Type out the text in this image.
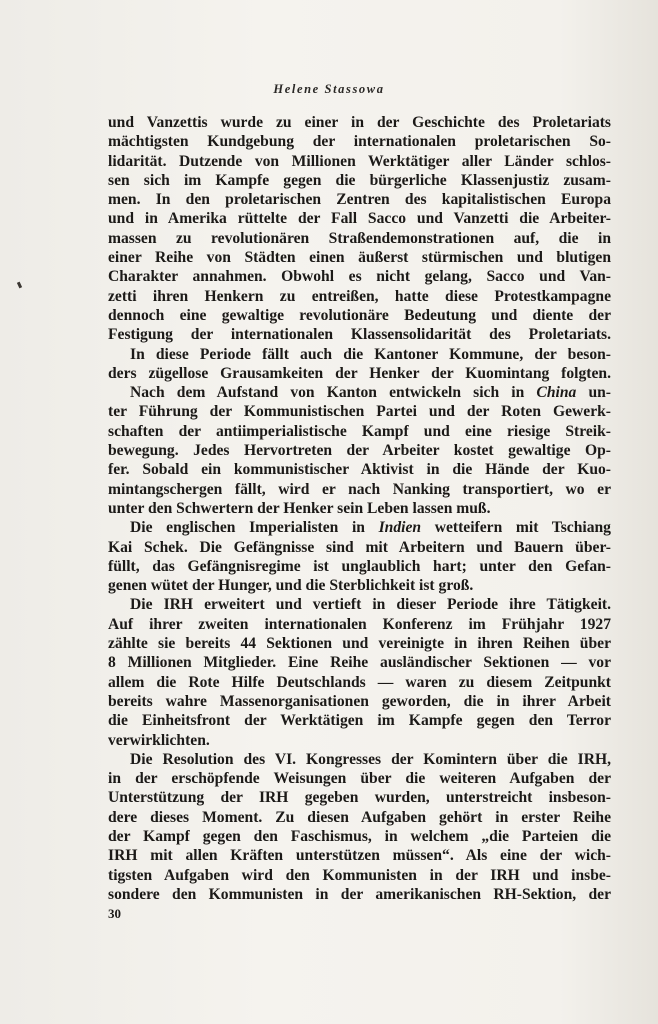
Helene Stassowa
und Vanzettis wurde zu einer in der Geschichte des Proletariats
mächtigsten Kundgebung der internationalen proletarischen So-
lidarität. Dutzende von Millionen Werktätiger aller Länder schlos-
sen sich im Kampfe gegen die bürgerliche Klassenjustiz zusam-
men. In den proletarischen Zentren des kapitalistischen Europa
und in Amerika rüttelte der Fall Sacco und Vanzetti die Arbeiter-
massen zu revolutionären Straßendemonstrationen auf, die in
einer Reihe von Städten einen äußerst stürmischen und blutigen
Charakter annahmen. Obwohl es nicht gelang, Sacco und Van-
zetti ihren Henkern zu entreißen, hatte diese Protestkampagne
dennoch eine gewaltige revolutionäre Bedeutung und diente der
Festigung der internationalen Klassensolidarität des Proletariats.
In diese Periode fällt auch die Kantoner Kommune, der beson-
ders zügellose Grausamkeiten der Henker der Kuomintang folgten.
Nach dem Aufstand von Kanton entwickeln sich in China un-
ter Führung der Kommunistischen Partei und der Roten Gewerk-
schaften der antiimperialistische Kampf und eine riesige Streik-
bewegung. Jedes Hervortreten der Arbeiter kostet gewaltige Op-
fer. Sobald ein kommunistischer Aktivist in die Hände der Kuo-
mintangschergen fällt, wird er nach Nanking transportiert, wo er
unter den Schwertern der Henker sein Leben lassen muß.
Die englischen Imperialisten in Indien wetteifern mit Tschiang
Kai Schek. Die Gefängnisse sind mit Arbeitern und Bauern über-
füllt, das Gefängnisregime ist unglaublich hart; unter den Gefan-
genen wütet der Hunger, und die Sterblichkeit ist groß.
Die IRH erweitert und vertieft in dieser Periode ihre Tätigkeit.
Auf ihrer zweiten internationalen Konferenz im Frühjahr 1927
zählte sie bereits 44 Sektionen und vereinigte in ihren Reihen über
8 Millionen Mitglieder. Eine Reihe ausländischer Sektionen — vor
allem die Rote Hilfe Deutschlands — waren zu diesem Zeitpunkt
bereits wahre Massenorganisationen geworden, die in ihrer Arbeit
die Einheitsfront der Werktätigen im Kampfe gegen den Terror
verwirklichten.
Die Resolution des VI. Kongresses der Komintern über die IRH,
in der erschöpfende Weisungen über die weiteren Aufgaben der
Unterstützung der IRH gegeben wurden, unterstreicht insbeson-
dere dieses Moment. Zu diesen Aufgaben gehört in erster Reihe
der Kampf gegen den Faschismus, in welchem „die Parteien die
IRH mit allen Kräften unterstützen müssen“. Als eine der wich-
tigsten Aufgaben wird den Kommunisten in der IRH und insbe-
sondere den Kommunisten in der amerikanischen RH-Sektion, der
30
